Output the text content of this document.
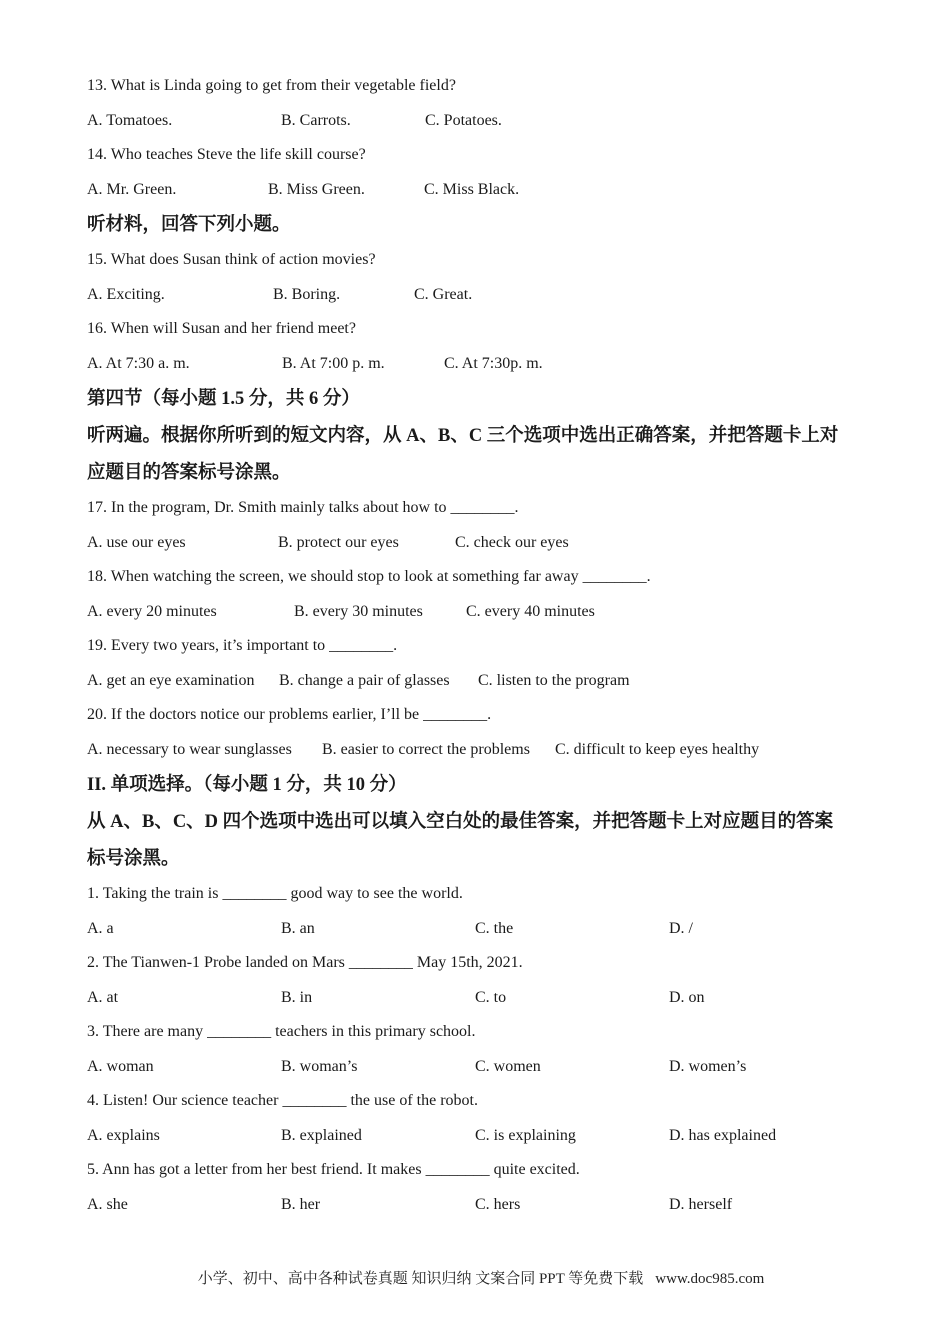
13. What is Linda going to get from their vegetable field?
A. Tomatoes.	B. Carrots.	C. Potatoes.
14. Who teaches Steve the life skill course?
A. Mr. Green.	B. Miss Green.	C. Miss Black.
听材料，回答下列小题。
15. What does Susan think of action movies?
A. Exciting.	B. Boring.	C. Great.
16. When will Susan and her friend meet?
A. At 7:30 a. m.	B. At 7:00 p. m.	C. At 7:30p. m.
第四节（每小题 1.5 分，共 6 分）
听两遍。根据你所听到的短文内容，从 A、B、C 三个选项中选出正确答案，并把答题卡上对
应题目的答案标号涂黑。
17. In the program, Dr. Smith mainly talks about how to ________.
A. use our eyes	B. protect our eyes	C. check our eyes
18. When watching the screen, we should stop to look at something far away ________.
A. every 20 minutes	B. every 30 minutes	C. every 40 minutes
19. Every two years, it’s important to ________.
A. get an eye examination B. change a pair of glasses C. listen to the program
20. If the doctors notice our problems earlier, I’ll be ________.
A. necessary to wear sunglasses B. easier to correct the problems C. difficult to keep eyes healthy
II. 单项选择。（每小题 1 分，共 10 分）
从 A、B、C、D 四个选项中选出可以填入空白处的最佳答案，并把答题卡上对应题目的答案
标号涂黑。
1. Taking the train is ________ good way to see the world.
A. a	B. an	C. the	D. /
2. The Tianwen-1 Probe landed on Mars ________ May 15th, 2021.
A. at	B. in	C. to	D. on
3. There are many ________ teachers in this primary school.
A. woman	B. woman’s	C. women	D. women’s
4. Listen! Our science teacher ________ the use of the robot.
A. explains	B. explained	C. is explaining	D. has explained
5. Ann has got a letter from her best friend. It makes ________ quite excited.
A. she	B. her	C. hers	D. herself
小学、初中、高中各种试卷真题 知识归纳 文案合同 PPT 等免费下载 www.doc985.com
